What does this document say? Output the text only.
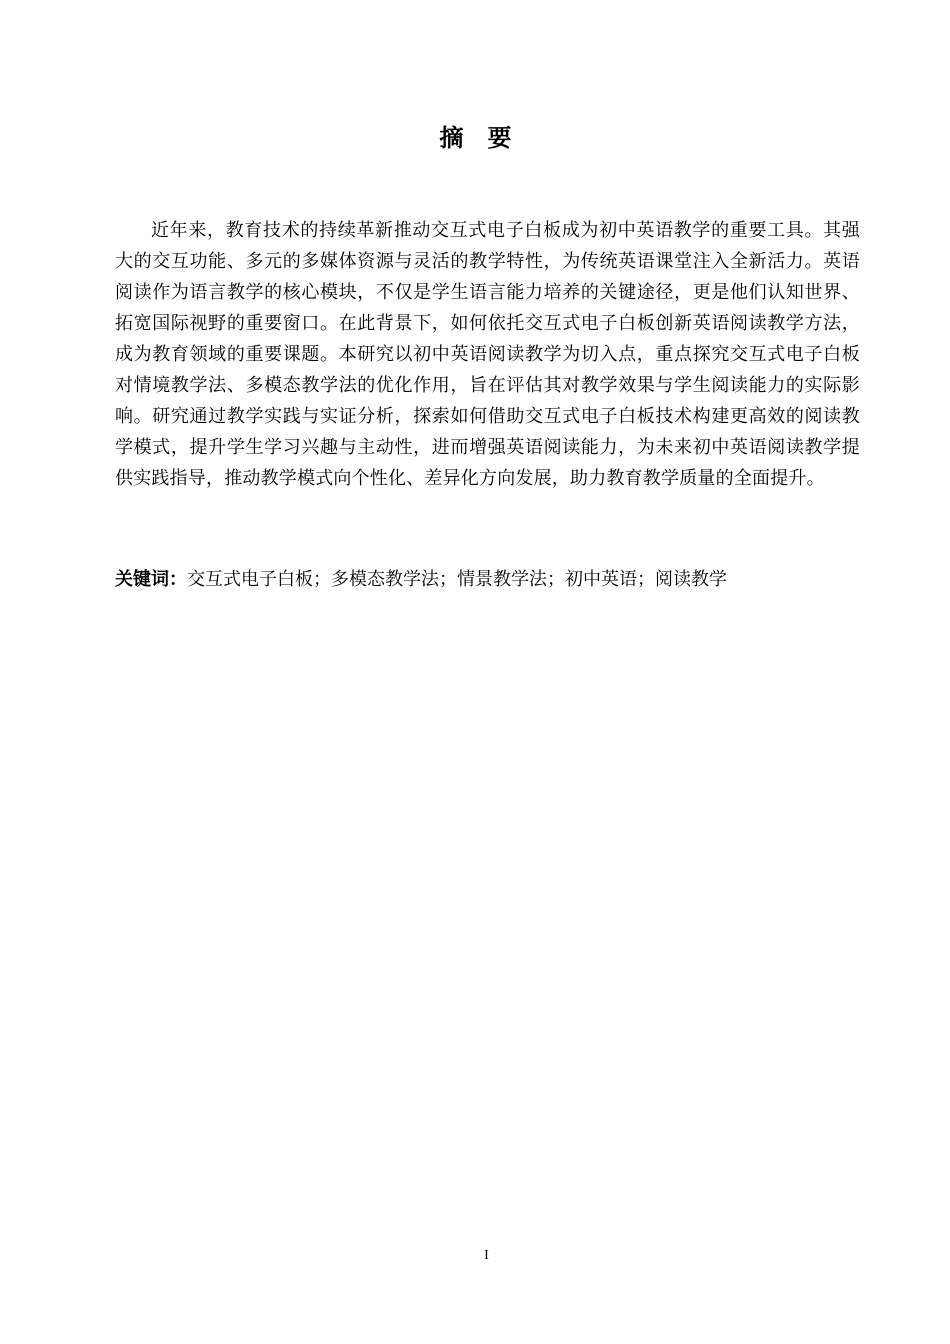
摘要

近年来，教育技术的持续革新推动交互式电子白板成为初中英语教学的重要工具。其强大的交互功能、多元的多媒体资源与灵活的教学特性，为传统英语课堂注入全新活力。英语阅读作为语言教学的核心模块，不仅是学生语言能力培养的关键途径，更是他们认知世界、拓宽国际视野的重要窗口。在此背景下，如何依托交互式电子白板创新英语阅读教学方法，成为教育领域的重要课题。本研究以初中英语阅读教学为切入点，重点探究交互式电子白板对情境教学法、多模态教学法的优化作用，旨在评估其对教学效果与学生阅读能力的实际影响。研究通过教学实践与实证分析，探索如何借助交互式电子白板技术构建更高效的阅读教学模式，提升学生学习兴趣与主动性，进而增强英语阅读能力，为未来初中英语阅读教学提供实践指导，推动教学模式向个性化、差异化方向发展，助力教育教学质量的全面提升。

关键词：交互式电子白板；多模态教学法；情景教学法；初中英语；阅读教学
I
